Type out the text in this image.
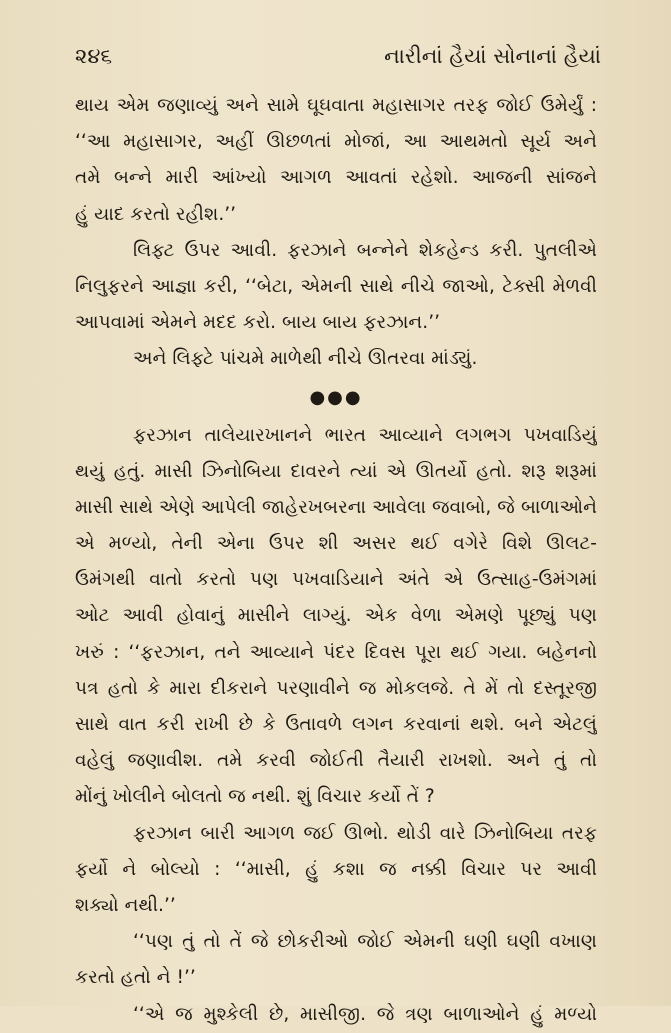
૨૪૬	નારીનાં હૈયાં સોનાનાં હૈયાં
થાય એમ જણાવ્યું અને સામે ઘૂઘવાતા મહાસાગર તરફ જોઈ ઉમેર્યું :
‘‘આ મહાસાગર, અહીં ઊછળતાં મોજાં, આ આથમતો સૂર્ય અને
તમે બન્ને મારી આંખ્યો આગળ આવતાં રહેશો. આજની સાંજને
હું યાદ કરતો રહીશ.’’
લિફ્ટ ઉપર આવી. ફરઝાને બન્નેને શેકહેન્ડ કરી. પુતલીએ
નિલુફરને આજ્ઞા કરી, ‘‘બેટા, એમની સાથે નીચે જાઓ, ટેક્સી મેળવી
આપવામાં એમને મદદ કરો. બાય બાય ફરઝાન.’’
અને લિફ્ટે પાંચમે માળેથી નીચે ઊતરવા માંડ્યું.
●●●
ફરઝાન તાલેયારખાનને ભારત આવ્યાને લગભગ પખવાડિયું
થયું હતું. માસી ઝિનોબિયા દાવરને ત્યાં એ ઊતર્યો હતો. શરૂ શરૂમાં
માસી સાથે એણે આપેલી જાહેરખબરના આવેલા જવાબો, જે બાળાઓને
એ મળ્યો, તેની એના ઉપર શી અસર થઈ વગેરે વિશે ઊલટ-
ઉમંગથી વાતો કરતો પણ પખવાડિયાને અંતે એ ઉત્સાહ-ઉમંગમાં
ઓટ આવી હોવાનું માસીને લાગ્યું. એક વેળા એમણે પૂછ્યું પણ
ખરું : ‘‘ફરઝાન, તને આવ્યાને પંદર દિવસ પૂરા થઈ ગયા. બહેનનો
પત્ર હતો કે મારા દીકરાને પરણાવીને જ મોકલજે. તે મેં તો દસ્તૂરજી
સાથે વાત કરી રાખી છે કે ઉતાવળે લગન કરવાનાં થશે. બને એટલું
વહેલું જણાવીશ. તમે કરવી જોઈતી તૈયારી રાખશો. અને તું તો
મોંનું ખોલીને બોલતો જ નથી. શું વિચાર કર્યો તેં ?
ફરઝાન બારી આગળ જઈ ઊભો. થોડી વારે ઝિનોબિયા તરફ
ફર્યો ને બોલ્યો : ‘‘માસી, હું કશા જ નક્કી વિચાર પર આવી
શક્યો નથી.’’
‘‘પણ તું તો તેં જે છોકરીઓ જોઈ એમની ઘણી ઘણી વખાણ
કરતો હતો ને !’’
‘‘એ જ મુશ્કેલી છે, માસીજી. જે ત્રણ બાળાઓને હું મળ્યો
